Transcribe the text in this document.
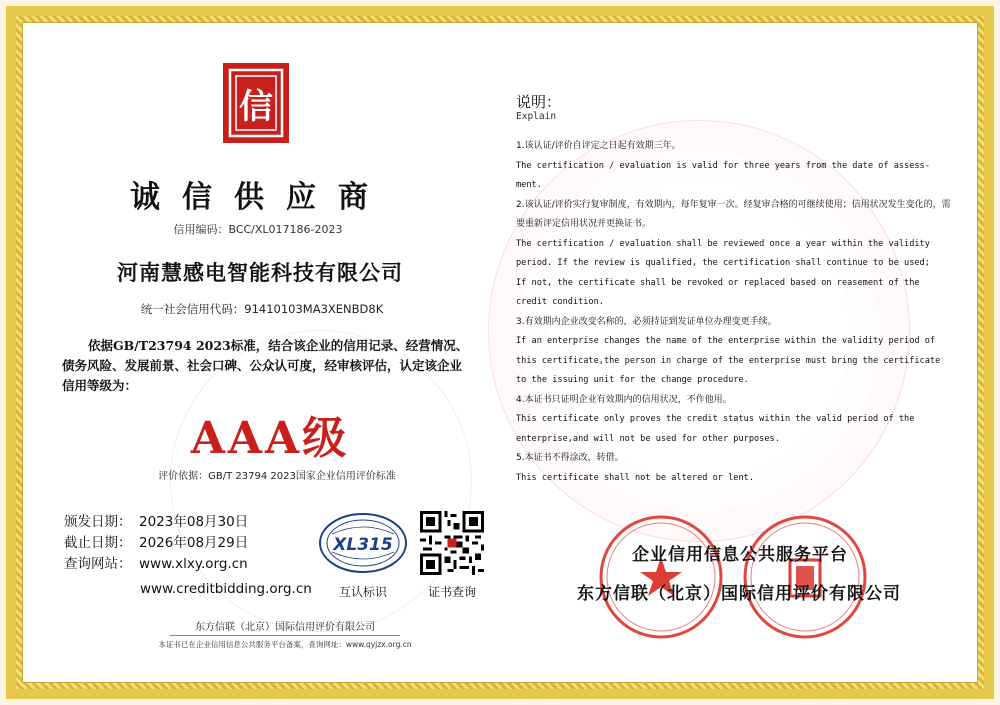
信
诚信供应商
信用编码：BCC/XL017186-2023
河南慧感电智能科技有限公司
统一社会信用代码：91410103MA3XENBD8K
依据GB/T23794 2023标准，结合该企业的信用记录、经营情况、债务风险、发展前景、社会口碑、公众认可度，经审核评估，认定该企业信用等级为：
AAA级
评价依据：GB/T 23794 2023国家企业信用评价标准
颁发日期： 2023年08月30日
截止日期： 2026年08月29日
查询网站： www.xlxy.org.cn
www.creditbidding.org.cn
XL315
互认标识	证书查询
东方信联（北京）国际信用评价有限公司
本证书已在企业信用信息公共服务平台备案，查询网址：www.qyjzx.org.cn
说明：
Explain

1.该认证/评价自评定之日起有效期三年。

The certification / evaluation is valid for three years from the date of assess-

ment.

2.该认证/评价实行复审制度，有效期内，每年复审一次。经复审合格的可继续使用；信用状况发生变化的，需要重新评定信用状况并更换证书。

The certification / evaluation shall be reviewed once a year within the validity

period. If the review is qualified, the certification shall continue to be used;

If not, the certificate shall be revoked or replaced based on reasement of the

credit condition.

3.有效期内企业改变名称的，必须持证到发证单位办理变更手续。

If an enterprise changes the name of the enterprise within the validity period of

this certificate,the person in charge of the enterprise must bring the certificate

to the issuing unit for the change procedure.

4.本证书只证明企业有效期内的信用状况，不作他用。

This certificate only proves the credit status within the valid period of the

enterprise,and will not be used for other purposes.

5.本证书不得涂改，转借。

This certificate shall not be altered or lent.

企业信用信息公共服务平台
东方信联（北京）国际信用评价有限公司
